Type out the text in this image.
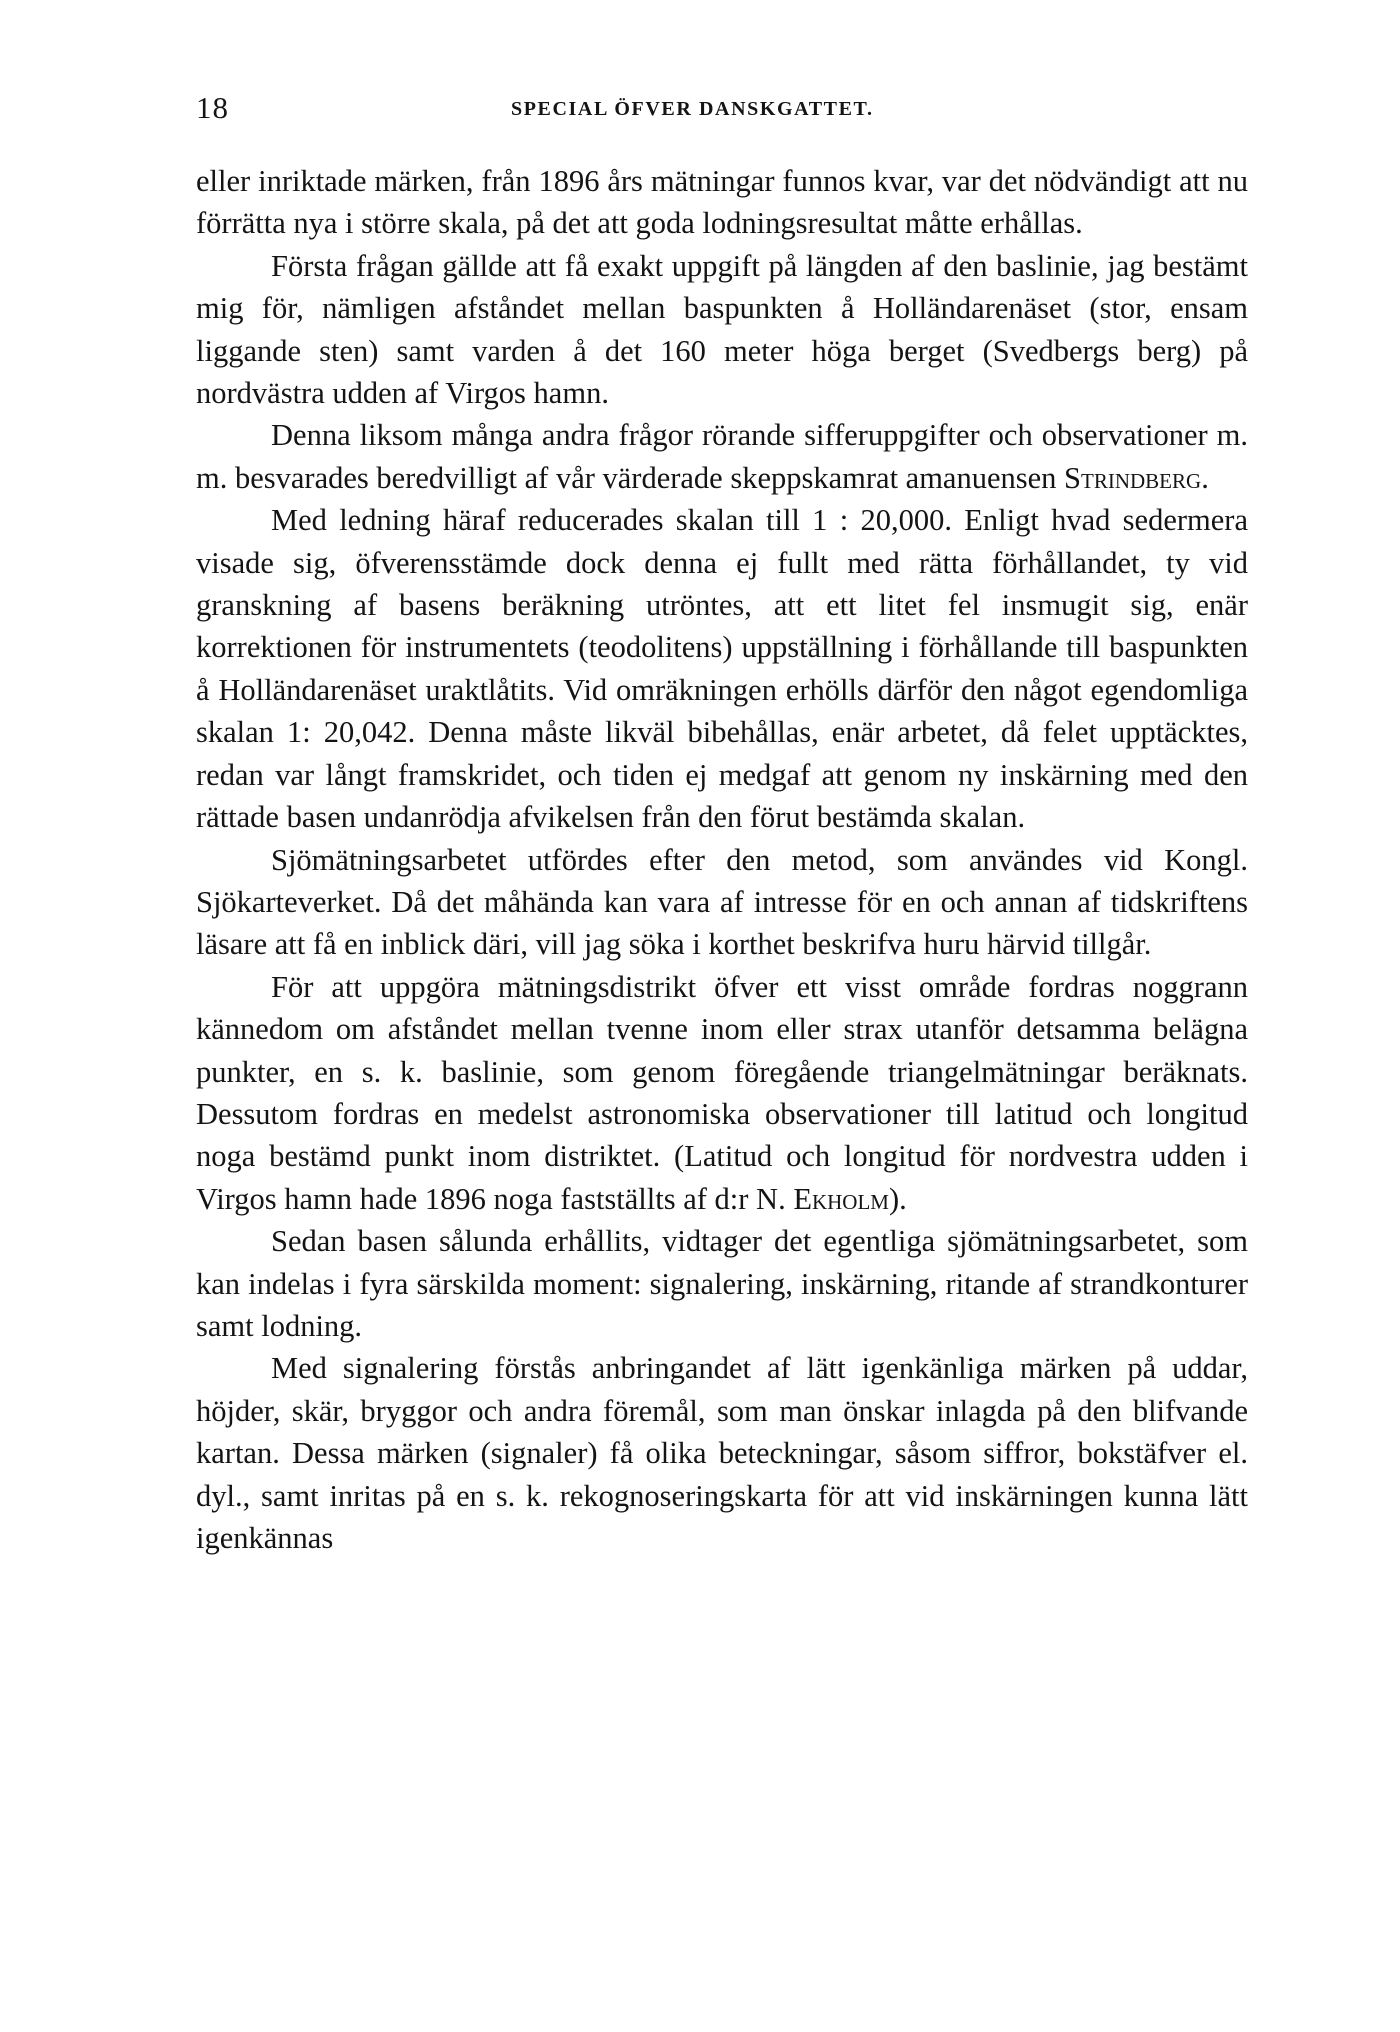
18	SPECIAL ÖFVER DANSKGATTET.

eller inriktade märken, från 1896 års mätningar funnos kvar, var det nödvändigt att nu förrätta nya i större skala, på det att goda lodningsresultat måtte erhållas.

Första frågan gällde att få exakt uppgift på längden af den baslinie, jag bestämt mig för, nämligen afståndet mellan baspunkten å Holländarenäset (stor, ensam liggande sten) samt varden å det 160 meter höga berget (Svedbergs berg) på nordvästra udden af Virgos hamn.

Denna liksom många andra frågor rörande sifferuppgifter och observationer m. m. besvarades beredvilligt af vår värderade skeppskamrat amanuensen Strindberg.

Med ledning häraf reducerades skalan till 1 : 20,000. Enligt hvad sedermera visade sig, öfverensstämde dock denna ej fullt med rätta förhållandet, ty vid granskning af basens beräkning utröntes, att ett litet fel insmugit sig, enär korrektionen för instrumentets (teodolitens) uppställning i förhållande till baspunkten å Holländarenäset uraktlåtits. Vid omräkningen erhölls därför den något egendomliga skalan 1: 20,042. Denna måste likväl bibehållas, enär arbetet, då felet upptäcktes, redan var långt framskridet, och tiden ej medgaf att genom ny inskärning med den rättade basen undanrödja afvikelsen från den förut bestämda skalan.

Sjömätningsarbetet utfördes efter den metod, som användes vid Kongl. Sjökarteverket. Då det måhända kan vara af intresse för en och annan af tidskriftens läsare att få en inblick däri, vill jag söka i korthet beskrifva huru härvid tillgår.

För att uppgöra mätningsdistrikt öfver ett visst område fordras noggrann kännedom om afståndet mellan tvenne inom eller strax utanför detsamma belägna punkter, en s. k. baslinie, som genom föregående triangelmätningar beräknats. Dessutom fordras en medelst astronomiska observationer till latitud och longitud noga bestämd punkt inom distriktet. (Latitud och longitud för nordvestra udden i Virgos hamn hade 1896 noga fastställts af d:r N. Ekholm).

Sedan basen sålunda erhållits, vidtager det egentliga sjömätningsarbetet, som kan indelas i fyra särskilda moment: signalering, inskärning, ritande af strandkonturer samt lodning.

Med signalering förstås anbringandet af lätt igenkänliga märken på uddar, höjder, skär, bryggor och andra föremål, som man önskar inlagda på den blifvande kartan. Dessa märken (signaler) få olika beteckningar, såsom siffror, bokstäfver el. dyl., samt inritas på en s. k. rekognoseringskarta för att vid inskärningen kunna lätt igenkännas
